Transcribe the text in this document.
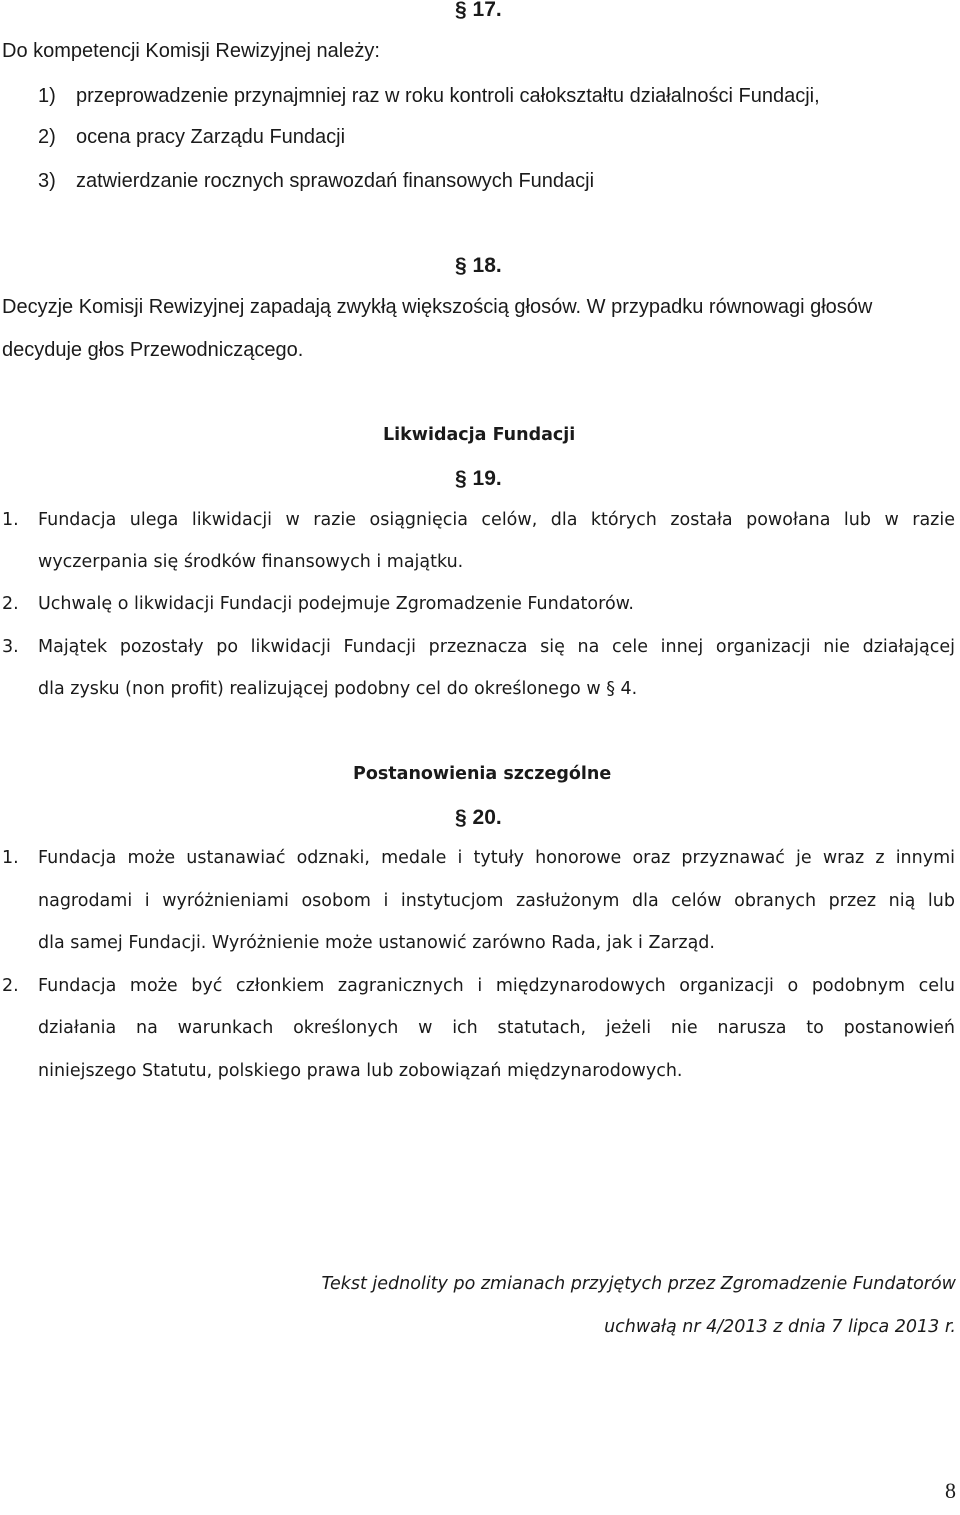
§ 17.
Do kompetencji Komisji Rewizyjnej należy:
1) przeprowadzenie przynajmniej raz w roku kontroli całokształtu działalności Fundacji,
2) ocena pracy Zarządu Fundacji
3) zatwierdzanie rocznych sprawozdań finansowych Fundacji
§ 18.
Decyzje Komisji Rewizyjnej zapadają zwykłą większością głosów. W przypadku równowagi głosów
decyduje głos Przewodniczącego.
Likwidacja Fundacji
§ 19.
1. Fundacja ulega likwidacji w razie osiągnięcia celów, dla których została powołana lub w razie
wyczerpania się środków finansowych i majątku.
2. Uchwalę o likwidacji Fundacji podejmuje Zgromadzenie Fundatorów.
3. Majątek pozostały po likwidacji Fundacji przeznacza się na cele innej organizacji nie działającej
dla zysku (non profit) realizującej podobny cel do określonego w § 4.
Postanowienia szczególne
§ 20.
1. Fundacja może ustanawiać odznaki, medale i tytuły honorowe oraz przyznawać je wraz z innymi
nagrodami i wyróżnieniami osobom i instytucjom zasłużonym dla celów obranych przez nią lub
dla samej Fundacji. Wyróżnienie może ustanowić zarówno Rada, jak i Zarząd.
2. Fundacja może być członkiem zagranicznych i międzynarodowych organizacji o podobnym celu
działania na warunkach określonych w ich statutach, jeżeli nie narusza to postanowień
niniejszego Statutu, polskiego prawa lub zobowiązań międzynarodowych.
Tekst jednolity po zmianach przyjętych przez Zgromadzenie Fundatorów
uchwałą nr 4/2013 z dnia 7 lipca 2013 r.
8
